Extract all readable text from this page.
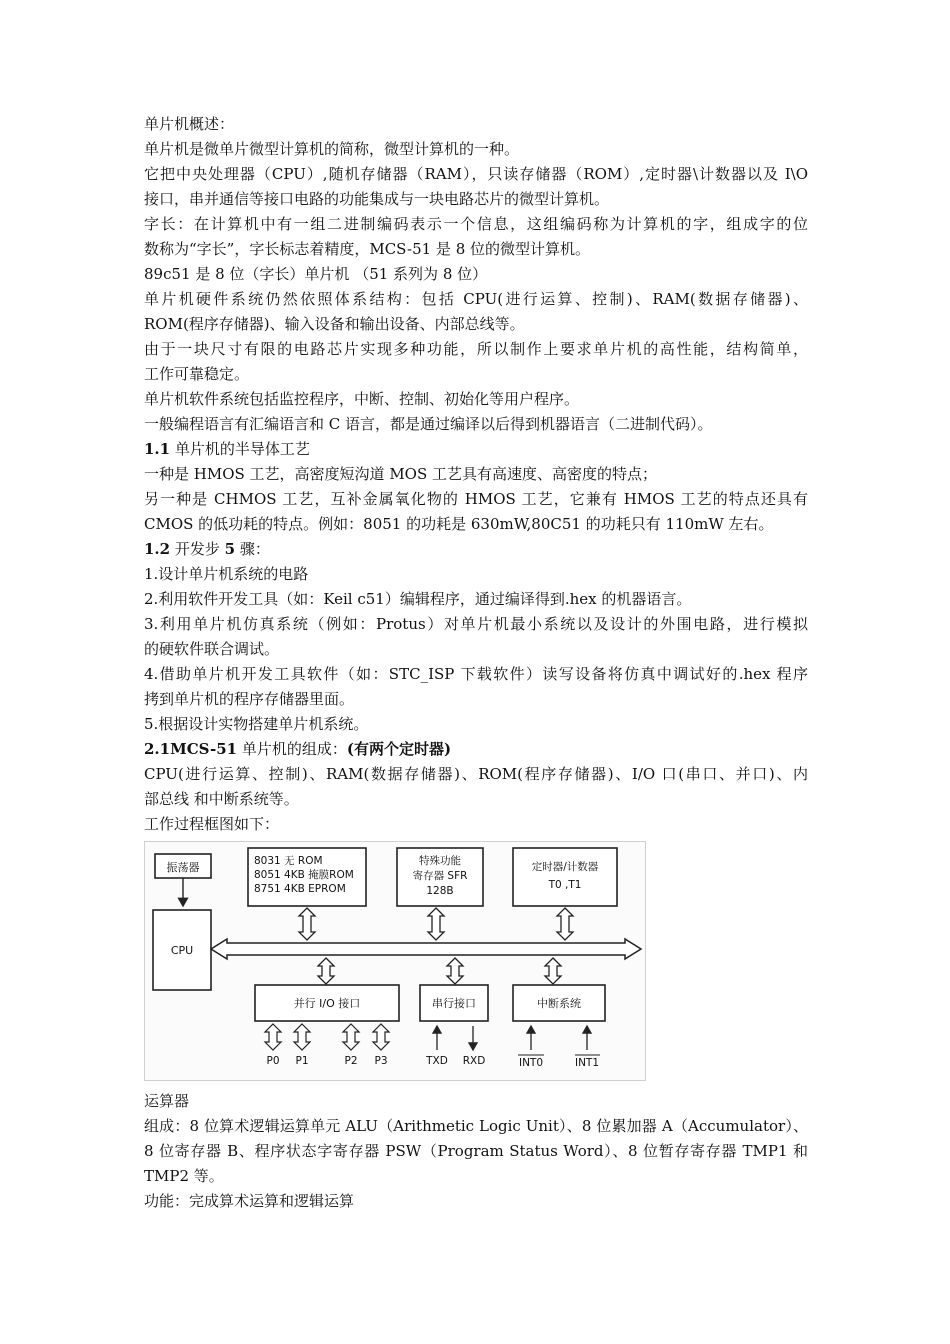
单片机概述：
单片机是微单片微型计算机的简称，微型计算机的一种。
它把中央处理器（CPU）,随机存储器（RAM），只读存储器（ROM）,定时器\计数器以及 I\O
接口，串并通信等接口电路的功能集成与一块电路芯片的微型计算机。
字长：在计算机中有一组二进制编码表示一个信息，这组编码称为计算机的字，组成字的位
数称为“字长”，字长标志着精度，MCS-51 是 8 位的微型计算机。
89c51 是 8 位（字长）单片机 （51 系列为 8 位）
单片机硬件系统仍然依照体系结构：包括 CPU(进行运算、控制)、RAM(数据存储器)、
ROM(程序存储器)、输入设备和输出设备、内部总线等。
由于一块尺寸有限的电路芯片实现多种功能，所以制作上要求单片机的高性能，结构简单，
工作可靠稳定。
单片机软件系统包括监控程序，中断、控制、初始化等用户程序。
一般编程语言有汇编语言和 C 语言，都是通过编译以后得到机器语言（二进制代码）。
1.1 单片机的半导体工艺
一种是 HMOS 工艺，高密度短沟道 MOS 工艺具有高速度、高密度的特点；
另一种是 CHMOS 工艺，互补金属氧化物的 HMOS 工艺，它兼有 HMOS 工艺的特点还具有
CMOS 的低功耗的特点。例如：8051 的功耗是 630mW,80C51 的功耗只有 110mW 左右。
1.2 开发步 5 骤：
1.设计单片机系统的电路
2.利用软件开发工具（如：Keil c51）编辑程序，通过编译得到.hex 的机器语言。
3.利用单片机仿真系统（例如：Protus）对单片机最小系统以及设计的外围电路，进行模拟
的硬软件联合调试。
4.借助单片机开发工具软件（如：STC_ISP 下载软件）读写设备将仿真中调试好的.hex 程序
拷到单片机的程序存储器里面。
5.根据设计实物搭建单片机系统。
2.1MCS-51 单片机的组成：(有两个定时器)
CPU(进行运算、控制)、RAM(数据存储器)、ROM(程序存储器)、I/O 口(串口、并口)、内
部总线 和中断系统等。
工作过程框图如下：
振荡器
CPU
8031 无 ROM
8051 4KB 掩膜ROM
8751 4KB EPROM
特殊功能
寄存器 SFR
128B
定时器/计数器
T0 ,T1
并行 I/O 接口	串行接口	中断系统
P0 P1	P2 P3	TXD RXD	INT0	INT1
运算器
组成：8 位算术逻辑运算单元 ALU（Arithmetic Logic Unit）、8 位累加器 A（Accumulator）、
8 位寄存器 B、程序状态字寄存器 PSW（Program Status Word）、8 位暂存寄存器 TMP1 和
TMP2 等。
功能：完成算术运算和逻辑运算
